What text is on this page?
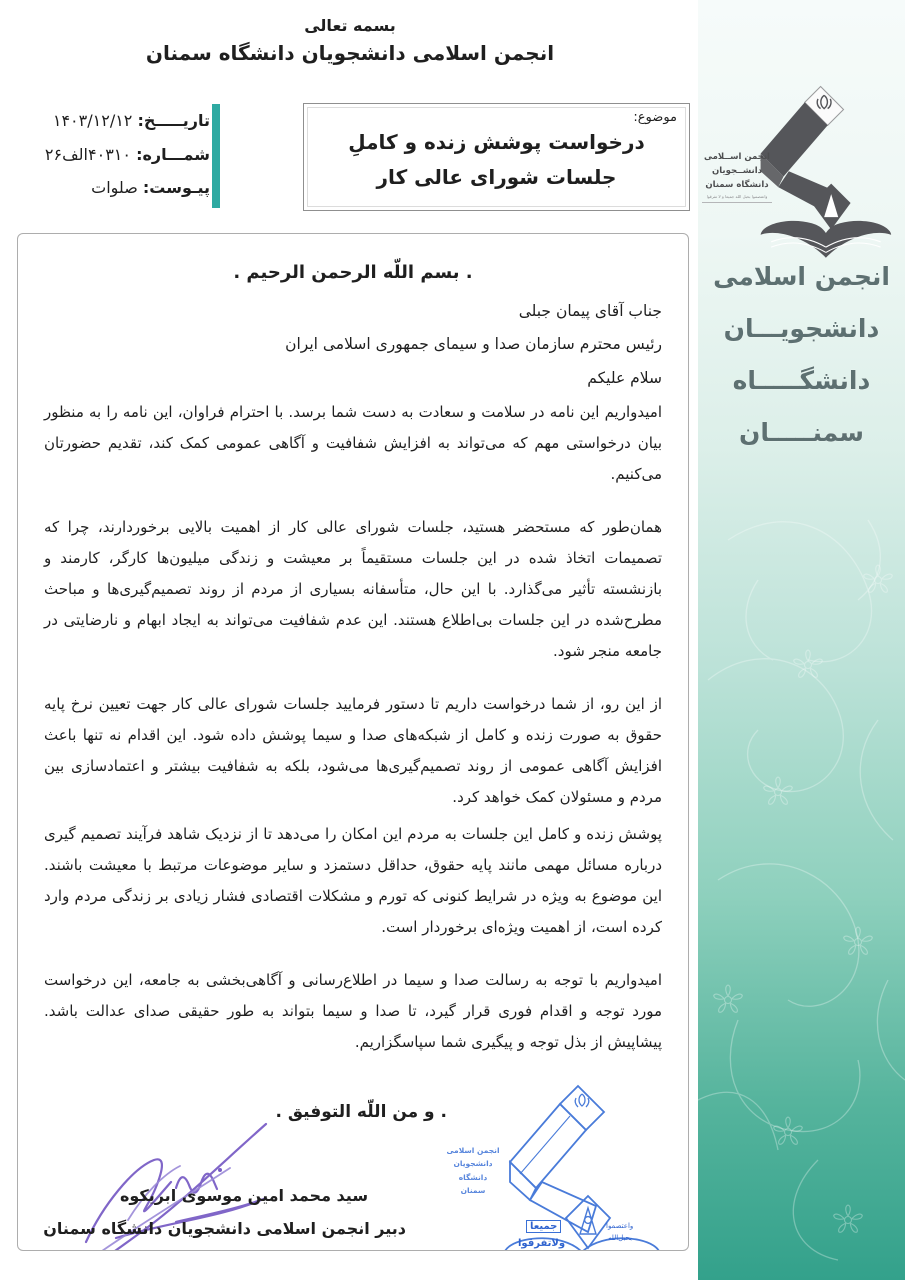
انجمن اســلامی
دانشــجویان
دانشگاه سمنان
واعتصموا بحبل الله جمیعا و لا تفرقوا
انجمن اسلامی
دانشجویـــان
دانشگـــــاه
سمنـــــان
بسمه تعالی
انجمن اسلامی دانشجویان دانشگاه سمنان
تاریـــــخ: ۱۴۰۳/۱۲/۱۲
شمـــاره: ۴۰۳۱۰الف۲۶
پیـوست: صلوات
موضوع:
درخواست پوشش زنده و کاملِ
جلسات شورای عالی کار
. بسم اللّه الرحمن الرحیم .
جناب آقای پیمان جبلی
رئیس محترم سازمان صدا و سیمای جمهوری اسلامی ایران
سلام علیکم

امیدواریم این نامه در سلامت و سعادت به دست شما برسد. با احترام فراوان، این نامه را به منظور بیان درخواستی مهم که می‌تواند به افزایش شفافیت و آگاهی عمومی کمک کند، تقدیم حضورتان می‌کنیم.

همان‌طور که مستحضر هستید، جلسات شورای عالی کار از اهمیت بالایی برخوردارند، چرا که تصمیمات اتخاذ شده در این جلسات مستقیماً بر معیشت و زندگی میلیون‌ها کارگر، کارمند و بازنشسته تأثیر می‌گذارد. با این حال، متأسفانه بسیاری از مردم از روند تصمیم‌گیری‌ها و مباحث مطرح‌شده در این جلسات بی‌اطلاع هستند. این عدم شفافیت می‌تواند به ایجاد ابهام و نارضایتی در جامعه منجر شود.

از این رو، از شما درخواست داریم تا دستور فرمایید جلسات شورای عالی کار جهت تعیین نرخ پایه حقوق به صورت زنده و کامل از شبکه‌های صدا و سیما پوشش داده شود. این اقدام نه تنها باعث افزایش آگاهی عمومی از روند تصمیم‌گیری‌ها می‌شود، بلکه به شفافیت بیشتر و اعتمادسازی بین مردم و مسئولان کمک خواهد کرد.

پوشش زنده و کامل این جلسات به مردم این امکان را می‌دهد تا از نزدیک شاهد فرآیند تصمیم گیری درباره مسائل مهمی مانند پایه حقوق، حداقل دستمزد و سایر موضوعات مرتبط با معیشت باشند. این موضوع به ویژه در شرایط کنونی که تورم و مشکلات اقتصادی فشار زیادی بر زندگی مردم وارد کرده است، از اهمیت ویژه‌ای برخوردار است.

امیدواریم با توجه به رسالت صدا و سیما در اطلاع‌رسانی و آگاهی‌بخشی به جامعه، این درخواست مورد توجه و اقدام فوری قرار گیرد، تا صدا و سیما بتواند به طور حقیقی صدای عدالت باشد. پیشاپیش از بذل توجه و پیگیری شما سپاسگزاریم.

. و من اللّه التوفیق .
سید محمد امین موسوی ابریکوه
دبیر انجمن اسلامی دانشجویان دانشگاه سمنان
انجمن اسلامی
دانشجویان
دانشگاه
سمنان
جمیعا
ولاتفرقوا
واعتصموا
بحبل‌الله
